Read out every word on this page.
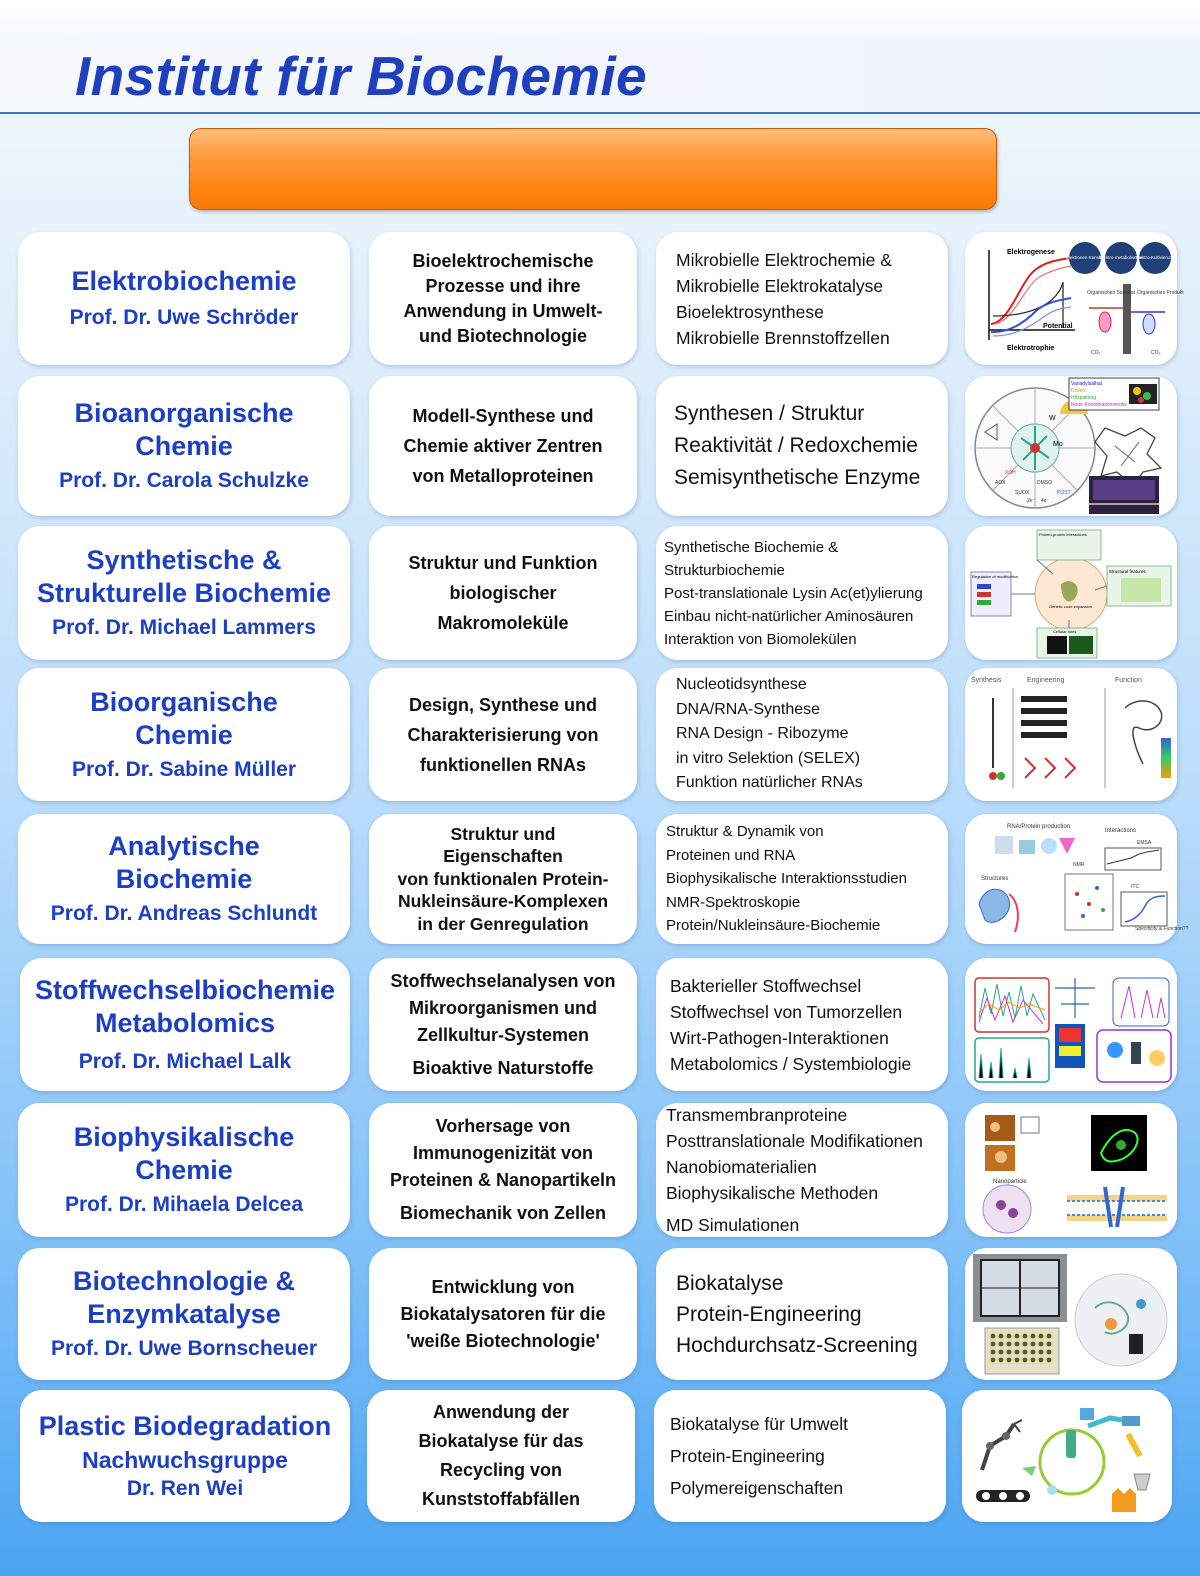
Institut für Biochemie
Elektrobiochemie
Prof. Dr. Uwe Schröder
Bioelektrochemische
Prozesse und ihre
Anwendung in Umwelt-
und Biotechnologie
Mikrobielle Elektrochemie &
Mikrobielle Elektrokatalyse
Bioelektrosynthese
Mikrobielle Brennstoffzellen
Elektrogenese
Potential
Elektrotrophie
Elektronen-transfer
Elektro-metabolismus
Elektro-Kultivierung
Organisches Substrat Organisches Produkt
CO₂	CO₂
Bioanorganische
Chemie
Prof. Dr. Carola Schulzke
Modell-Synthese und
Chemie aktiver Zentren
von Metalloproteinen
Synthesen / Struktur
Reaktivität / Redoxchemie
Semisynthetische Enzyme
Mo
W
XDH
DMSO
SUOX
AOX
POST
2e⁻ 4e⁻
Vanadylsalhat
Diolen
Hifspaltung
Neue Koordinationsmotiv
Synthetische &
Strukturelle Biochemie
Prof. Dr. Michael Lammers
Struktur und Funktion
biologischer
Makromoleküle
Synthetische Biochemie &
Strukturbiochemie
Post-translationale Lysin Ac(et)ylierung
Einbau nicht-natürlicher Aminosäuren
Interaktion von Biomolekülen
Protein-protein interactions
Structural features
Regulation of modification
Cellular roles
Genetic code expansion
Bioorganische
Chemie
Prof. Dr. Sabine Müller
Design, Synthese und
Charakterisierung von
funktionellen RNAs
Nucleotidsynthese
DNA/RNA-Synthese
RNA Design - Ribozyme
in vitro Selektion (SELEX)
Funktion natürlicher RNAs
Synthesis	Engineering	Function
Analytische
Biochemie
Prof. Dr. Andreas Schlundt
Struktur und
Eigenschaften
von funktionalen Protein-
Nukleinsäure-Komplexen
in der Genregulation
Struktur & Dynamik von
Proteinen und RNA
Biophysikalische Interaktionsstudien
NMR-Spektroskopie
Protein/Nukleinsäure-Biochemie
RNA/Protein production
Interactions
EMSA
Structures
NMR
ITC
Specificity & Function??
Stoffwechselbiochemie
Metabolomics
Prof. Dr. Michael Lalk
Stoffwechselanalysen von
Mikroorganismen und
Zellkultur-Systemen
Bioaktive Naturstoffe
Bakterieller Stoffwechsel
Stoffwechsel von Tumorzellen
Wirt-Pathogen-Interaktionen
Metabolomics / Systembiologie
Biophysikalische
Chemie
Prof. Dr. Mihaela Delcea
Vorhersage von
Immunogenizität von
Proteinen & Nanopartikeln
Biomechanik von Zellen
Transmembranproteine
Posttranslationale Modifikationen
Nanobiomaterialien
Biophysikalische Methoden
MD Simulationen
Nanoparticle
Biotechnologie &
Enzymkatalyse
Prof. Dr. Uwe Bornscheuer
Entwicklung von
Biokatalysatoren für die
'weiße Biotechnologie'
Biokatalyse
Protein-Engineering
Hochdurchsatz-Screening
Plastic Biodegradation
Nachwuchsgruppe
Dr. Ren Wei
Anwendung der
Biokatalyse für das
Recycling von
Kunststoffabfällen
Biokatalyse für Umwelt
Protein-Engineering
Polymereigenschaften
